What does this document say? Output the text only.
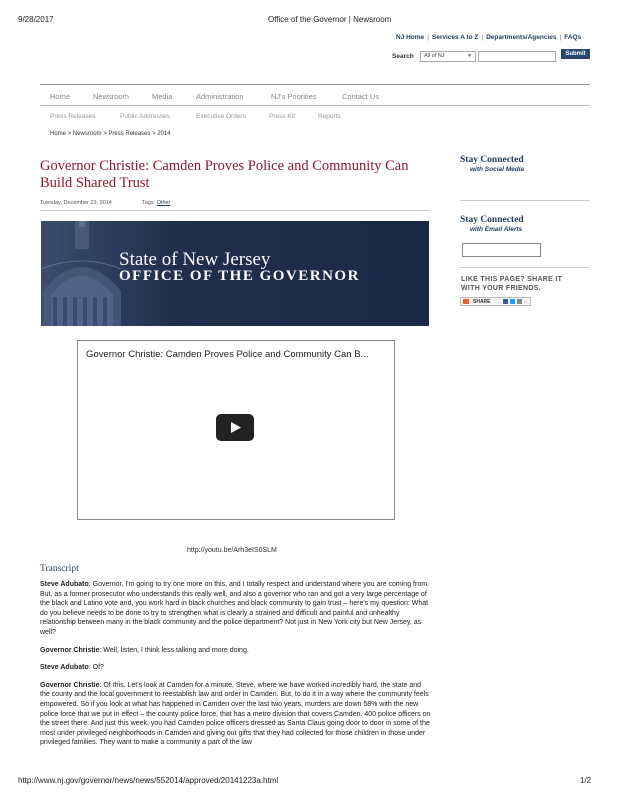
9/28/2017	Office of the Governor | Newsroom
NJ Home | Services A to Z | Departments/Agencies | FAQs
Search	All of NJ	▼	Submit
Home	Newsroom	Media	Administration	NJ's Priorities	Contact Us
Press Releases	Public Addresses	Executive Orders	Press Kit	Reports
Home > Newsroom > Press Releases > 2014
Governor Christie: Camden Proves Police and Community Can
Build Shared Trust
Tuesday, December 23, 2014	Tags: Other
State of New Jersey
OFFICE OF THE GOVERNOR
Governor Christie: Camden Proves Police and Community Can B...
http://youtu.be/Arh3eIS0SLM
Stay Connected
with Social Media
Stay Connected
with Email Alerts
LIKE THIS PAGE? SHARE IT
WITH YOUR FRIENDS.
SHARE	..
Transcript

Steve Adubato: Governor, I'm going to try one more on this, and I totally respect and understand where you are coming from. But, as a former prosecutor who understands this really well, and also a governor who ran and got a very large percentage of the black and Latino vote and, you work hard in black churches and black community to gain trust – here's my question: What do you believe needs to be done to try to strengthen what is clearly a strained and difficult and painful and unhealthy relationship between many in the black community and the police department? Not just in New York city but New Jersey, as well?

Governor Christie: Well, listen, I think less talking and more doing.

Steve Adubato: Of?

Governor Christie: Of this. Let's look at Camden for a minute, Steve, where we have worked incredibly hard, the state and the county and the local government to reestablish law and order in Camden. But, to do it in a way where the community feels empowered. So if you look at what has happened in Camden over the last two years, murders are down 58% with the new police force that we put in effect – the county police force, that has a metro division that covers Camden. 400 police officers on the street there. And just this week, you had Camden police officers dressed as Santa Claus going door to door in some of the most under privileged neighborhoods in Camden and giving out gifts that they had collected for those children in those under privileged families. They want to make a community a part of the law

http://www.nj.gov/governor/news/news/552014/approved/20141223a.html	1/2
